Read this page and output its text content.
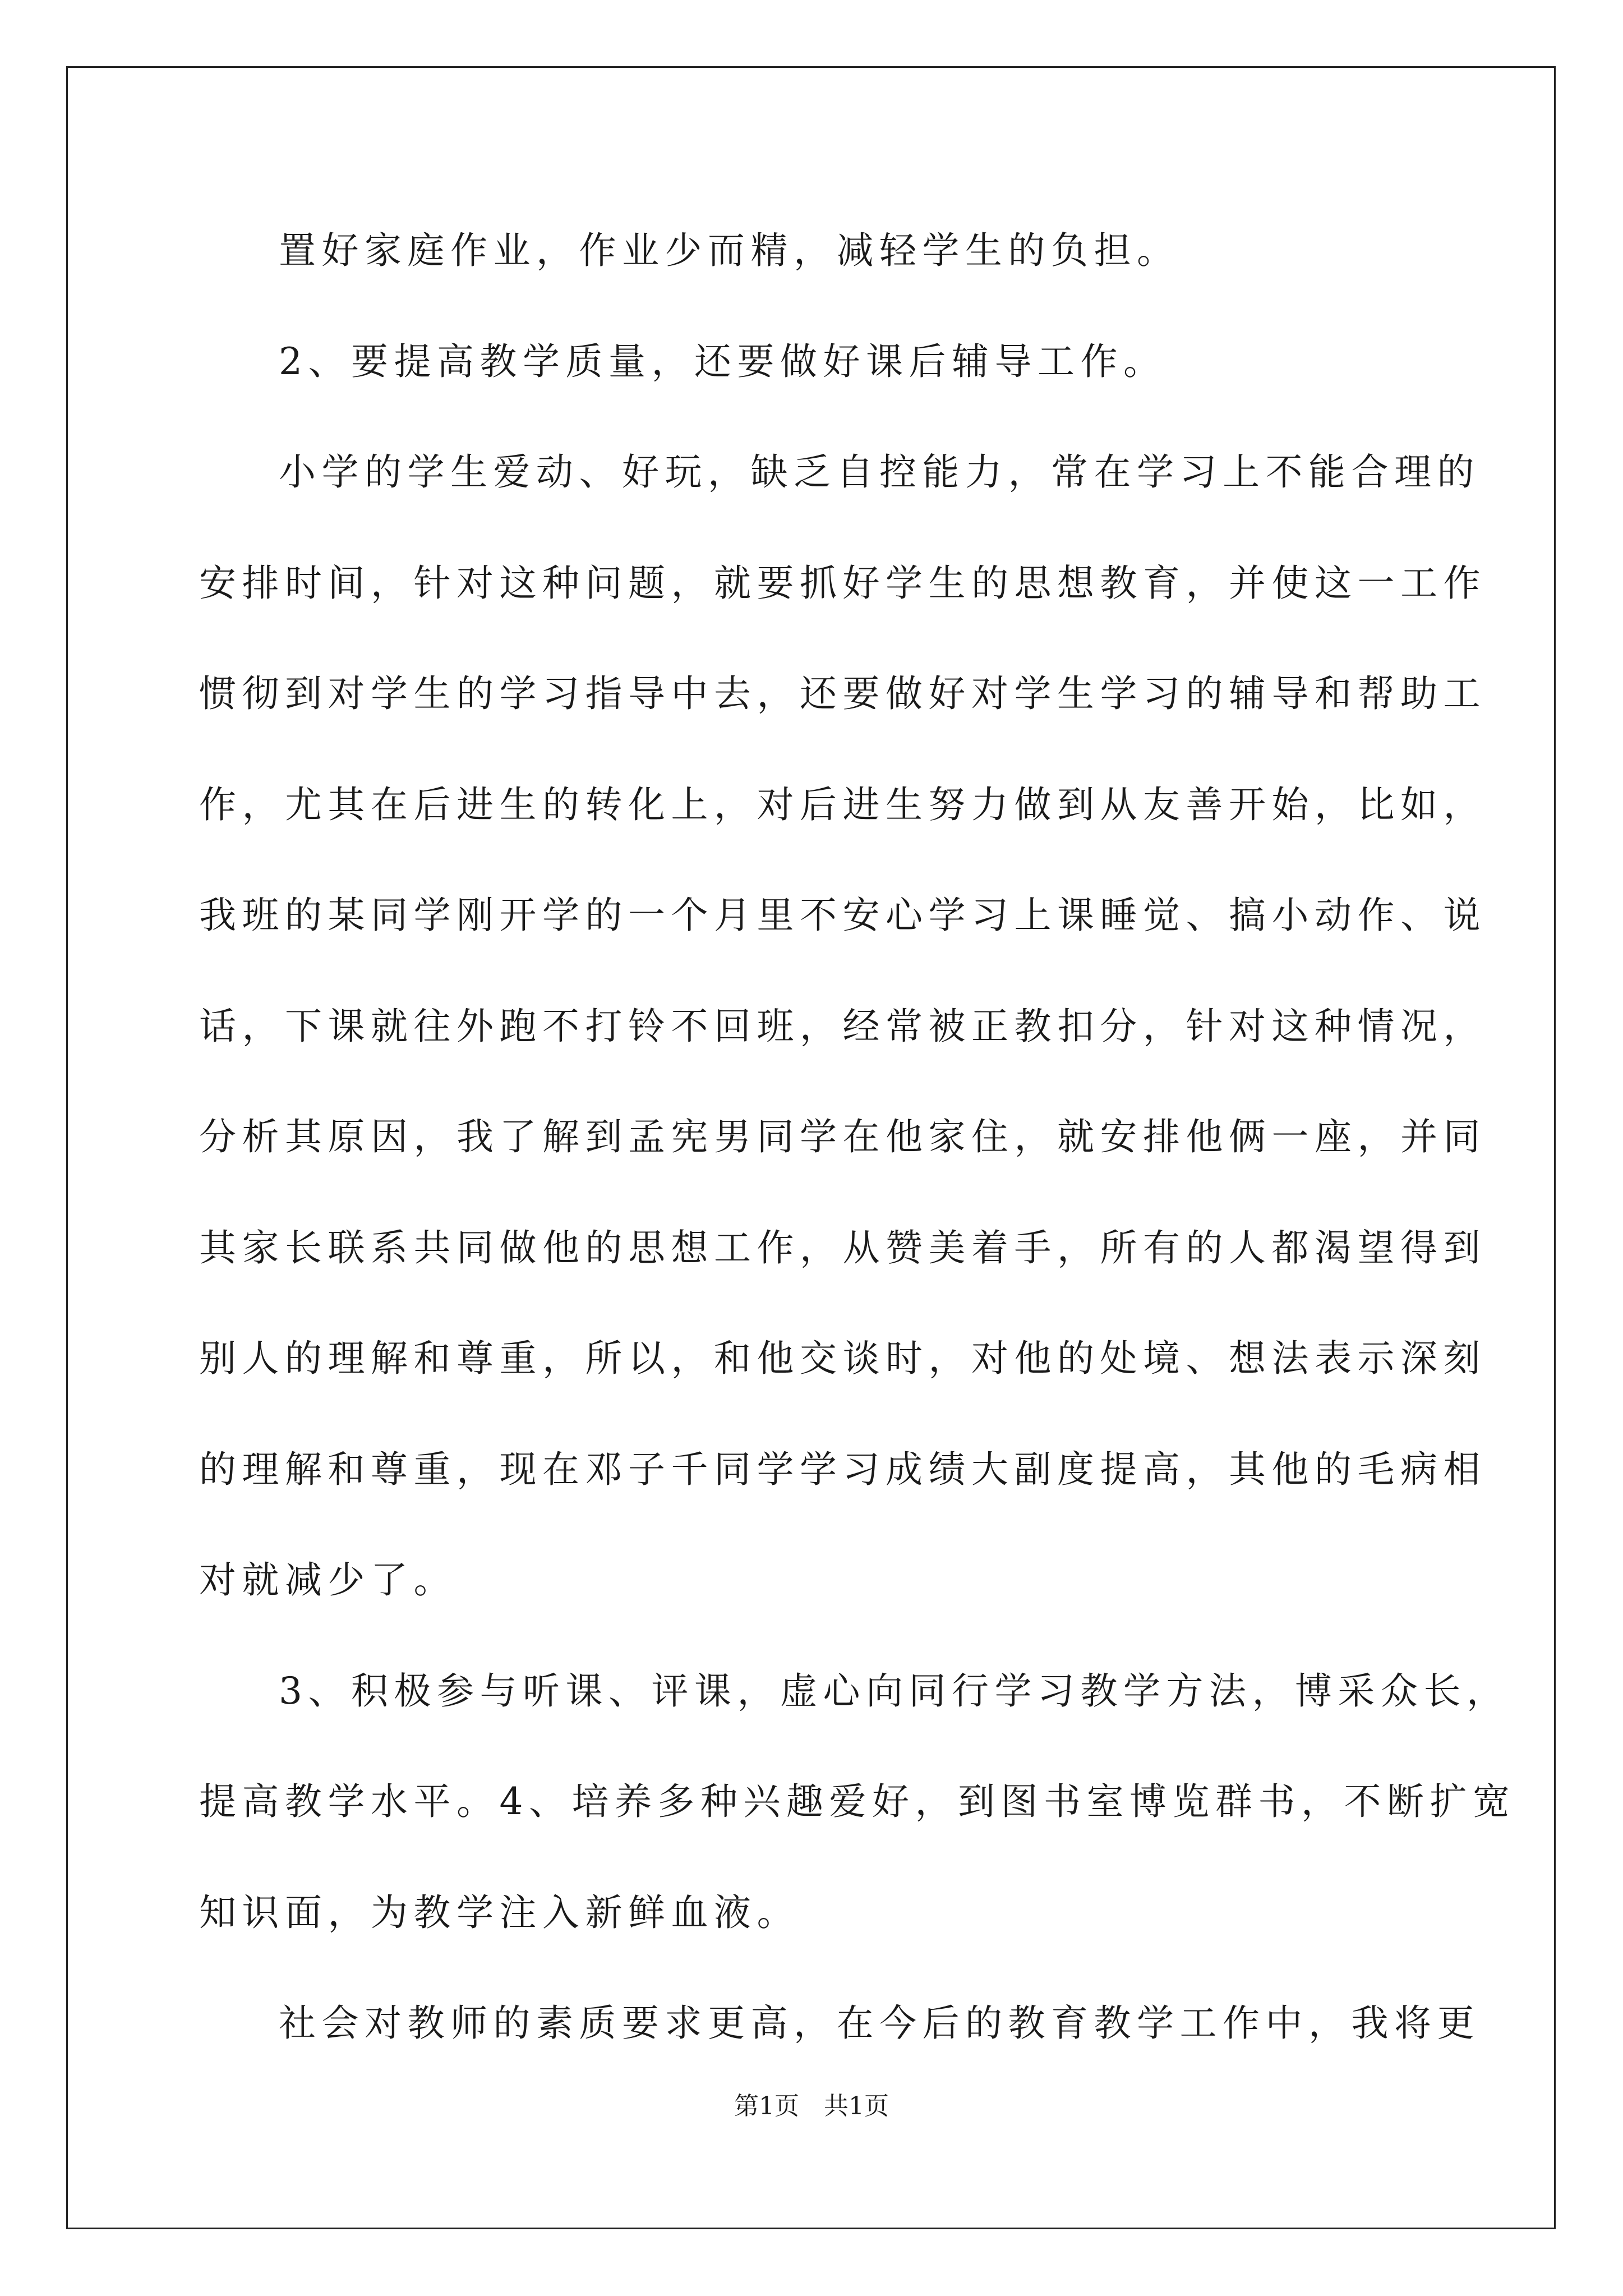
置好家庭作业，作业少而精，减轻学生的负担。
2、要提高教学质量，还要做好课后辅导工作。
小学的学生爱动、好玩，缺乏自控能力，常在学习上不能合理的
安排时间，针对这种问题，就要抓好学生的思想教育，并使这一工作
惯彻到对学生的学习指导中去，还要做好对学生学习的辅导和帮助工
作，尤其在后进生的转化上，对后进生努力做到从友善开始，比如，
我班的某同学刚开学的一个月里不安心学习上课睡觉、搞小动作、说
话，下课就往外跑不打铃不回班，经常被正教扣分，针对这种情况，
分析其原因，我了解到孟宪男同学在他家住，就安排他俩一座，并同
其家长联系共同做他的思想工作，从赞美着手，所有的人都渴望得到
别人的理解和尊重，所以，和他交谈时，对他的处境、想法表示深刻
的理解和尊重，现在邓子千同学学习成绩大副度提高，其他的毛病相
对就减少了。
3、积极参与听课、评课，虚心向同行学习教学方法，博采众长，
提高教学水平。4、培养多种兴趣爱好，到图书室博览群书，不断扩宽
知识面，为教学注入新鲜血液。
社会对教师的素质要求更高，在今后的教育教学工作中，我将更
第1页　共1页
